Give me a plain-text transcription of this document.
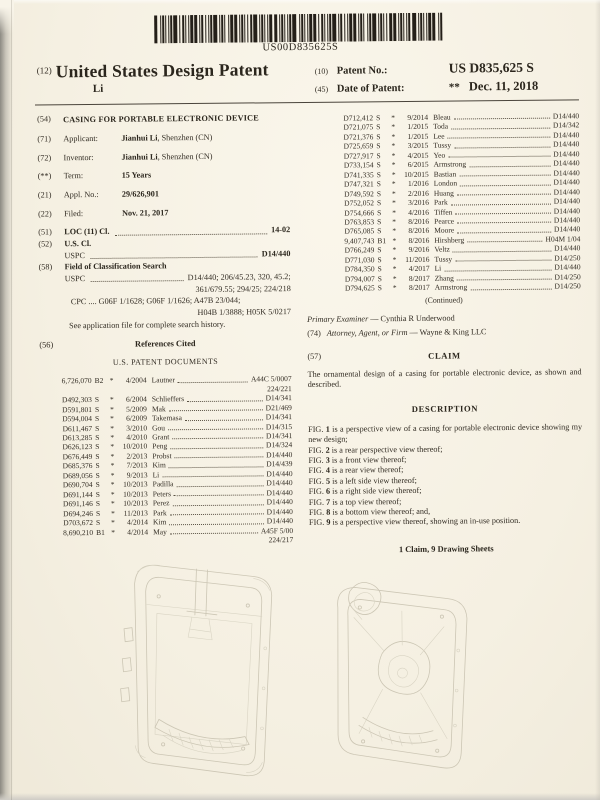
US00D835625S
$^{(12)}$ United States Design Patent
Li
(10) Patent No.:	US D835,625 S
(45) Date of Patent:	** Dec. 11, 2018
(54)	CASING FOR PORTABLE ELECTRONIC DEVICE
(71)	Applicant:	Jianhui Li, Shenzhen (CN)
(72)	Inventor:	Jianhui Li, Shenzhen (CN)
(**)	Term:	15 Years
(21)	Appl. No.:	29/626,901
(22)	Filed:	Nov. 21, 2017
(51)	LOC (11) Cl.	14-02
(52)	U.S. Cl.
USPC	D14/440
(58)	Field of Classification Search
USPC	D14/440; 206/45.23, 320, 45.2;
361/679.55; 294/25; 224/218
CPC .... G06F 1/1628; G06F 1/1626; A47B 23/044;
H04B 1/3888; H05K 5/0217
See application file for complete search history.
(56)	References Cited
U.S. PATENT DOCUMENTS
6,726,070 B2 *	4/2004 Lautner	A44C 5/0007
224/221
D492,303 S	*	6/2004 Schlieffers	D14/341
D591,801 S	*	5/2009 Mak	D21/469
D594,004 S	*	6/2009 Takemasa	D14/341
D611,467 S	*	3/2010 Gou	D14/315
D613,285 S	*	4/2010 Grant	D14/341
D626,123 S	*	10/2010 Peng	D14/324
D676,449 S	*	2/2013 Probst	D14/440
D685,376 S	*	7/2013 Kim	D14/439
D689,056 S	*	9/2013 Li	D14/440
D690,704 S	*	10/2013 Padilla	D14/440
D691,144 S	*	10/2013 Peters	D14/440
D691,146 S	*	10/2013 Perez	D14/440
D694,246 S	*	11/2013 Park	D14/440
D703,672 S	*	4/2014 Kim	D14/440
8,690,210 B1 *	4/2014 May	A45F 5/00
224/217
D712,412 S	*	9/2014 Bleau	D14/440
D721,075 S	*	1/2015 Toda	D14/342
D721,376 S	*	1/2015 Lee	D14/440
D725,659 S	*	3/2015 Tussy	D14/440
D727,917 S	*	4/2015 Yeo	D14/440
D733,154 S	*	6/2015 Armstrong	D14/440
D741,335 S	*	10/2015 Bastian	D14/440
D747,321 S	*	1/2016 London	D14/440
D749,592 S	*	2/2016 Huang	D14/440
D752,052 S	*	3/2016 Park	D14/440
D754,666 S	*	4/2016 Tiffen	D14/440
D763,853 S	*	8/2016 Pearce	D14/440
D765,085 S	*	8/2016 Moore	D14/440
9,407,743 B1 *	8/2016 Hirshberg	H04M 1/04
D766,249 S	*	9/2016 Veltz	D14/440
D771,030 S	*	11/2016 Tussy	D14/250
D784,350 S	*	4/2017 Li	D14/440
D794,007 S	*	8/2017 Zhang	D14/250
D794,625 S	*	8/2017 Armstrong	D14/250
(Continued)
Primary Examiner — Cynthia R Underwood
(74) Attorney, Agent, or Firm — Wayne & King LLC
(57)	CLAIM
The ornamental design of a casing for portable electronic device, as shown and described.
DESCRIPTION
FIG. 1 is a perspective view of a casing for portable electronic device showing my new design;
FIG. 2 is a rear perspective view thereof;
FIG. 3 is a front view thereof;
FIG. 4 is a rear view thereof;
FIG. 5 is a left side view thereof;
FIG. 6 is a right side view thereof;
FIG. 7 is a top view thereof;
FIG. 8 is a bottom view thereof; and,
FIG. 9 is a perspective view thereof, showing an in-use position.
1 Claim, 9 Drawing Sheets
